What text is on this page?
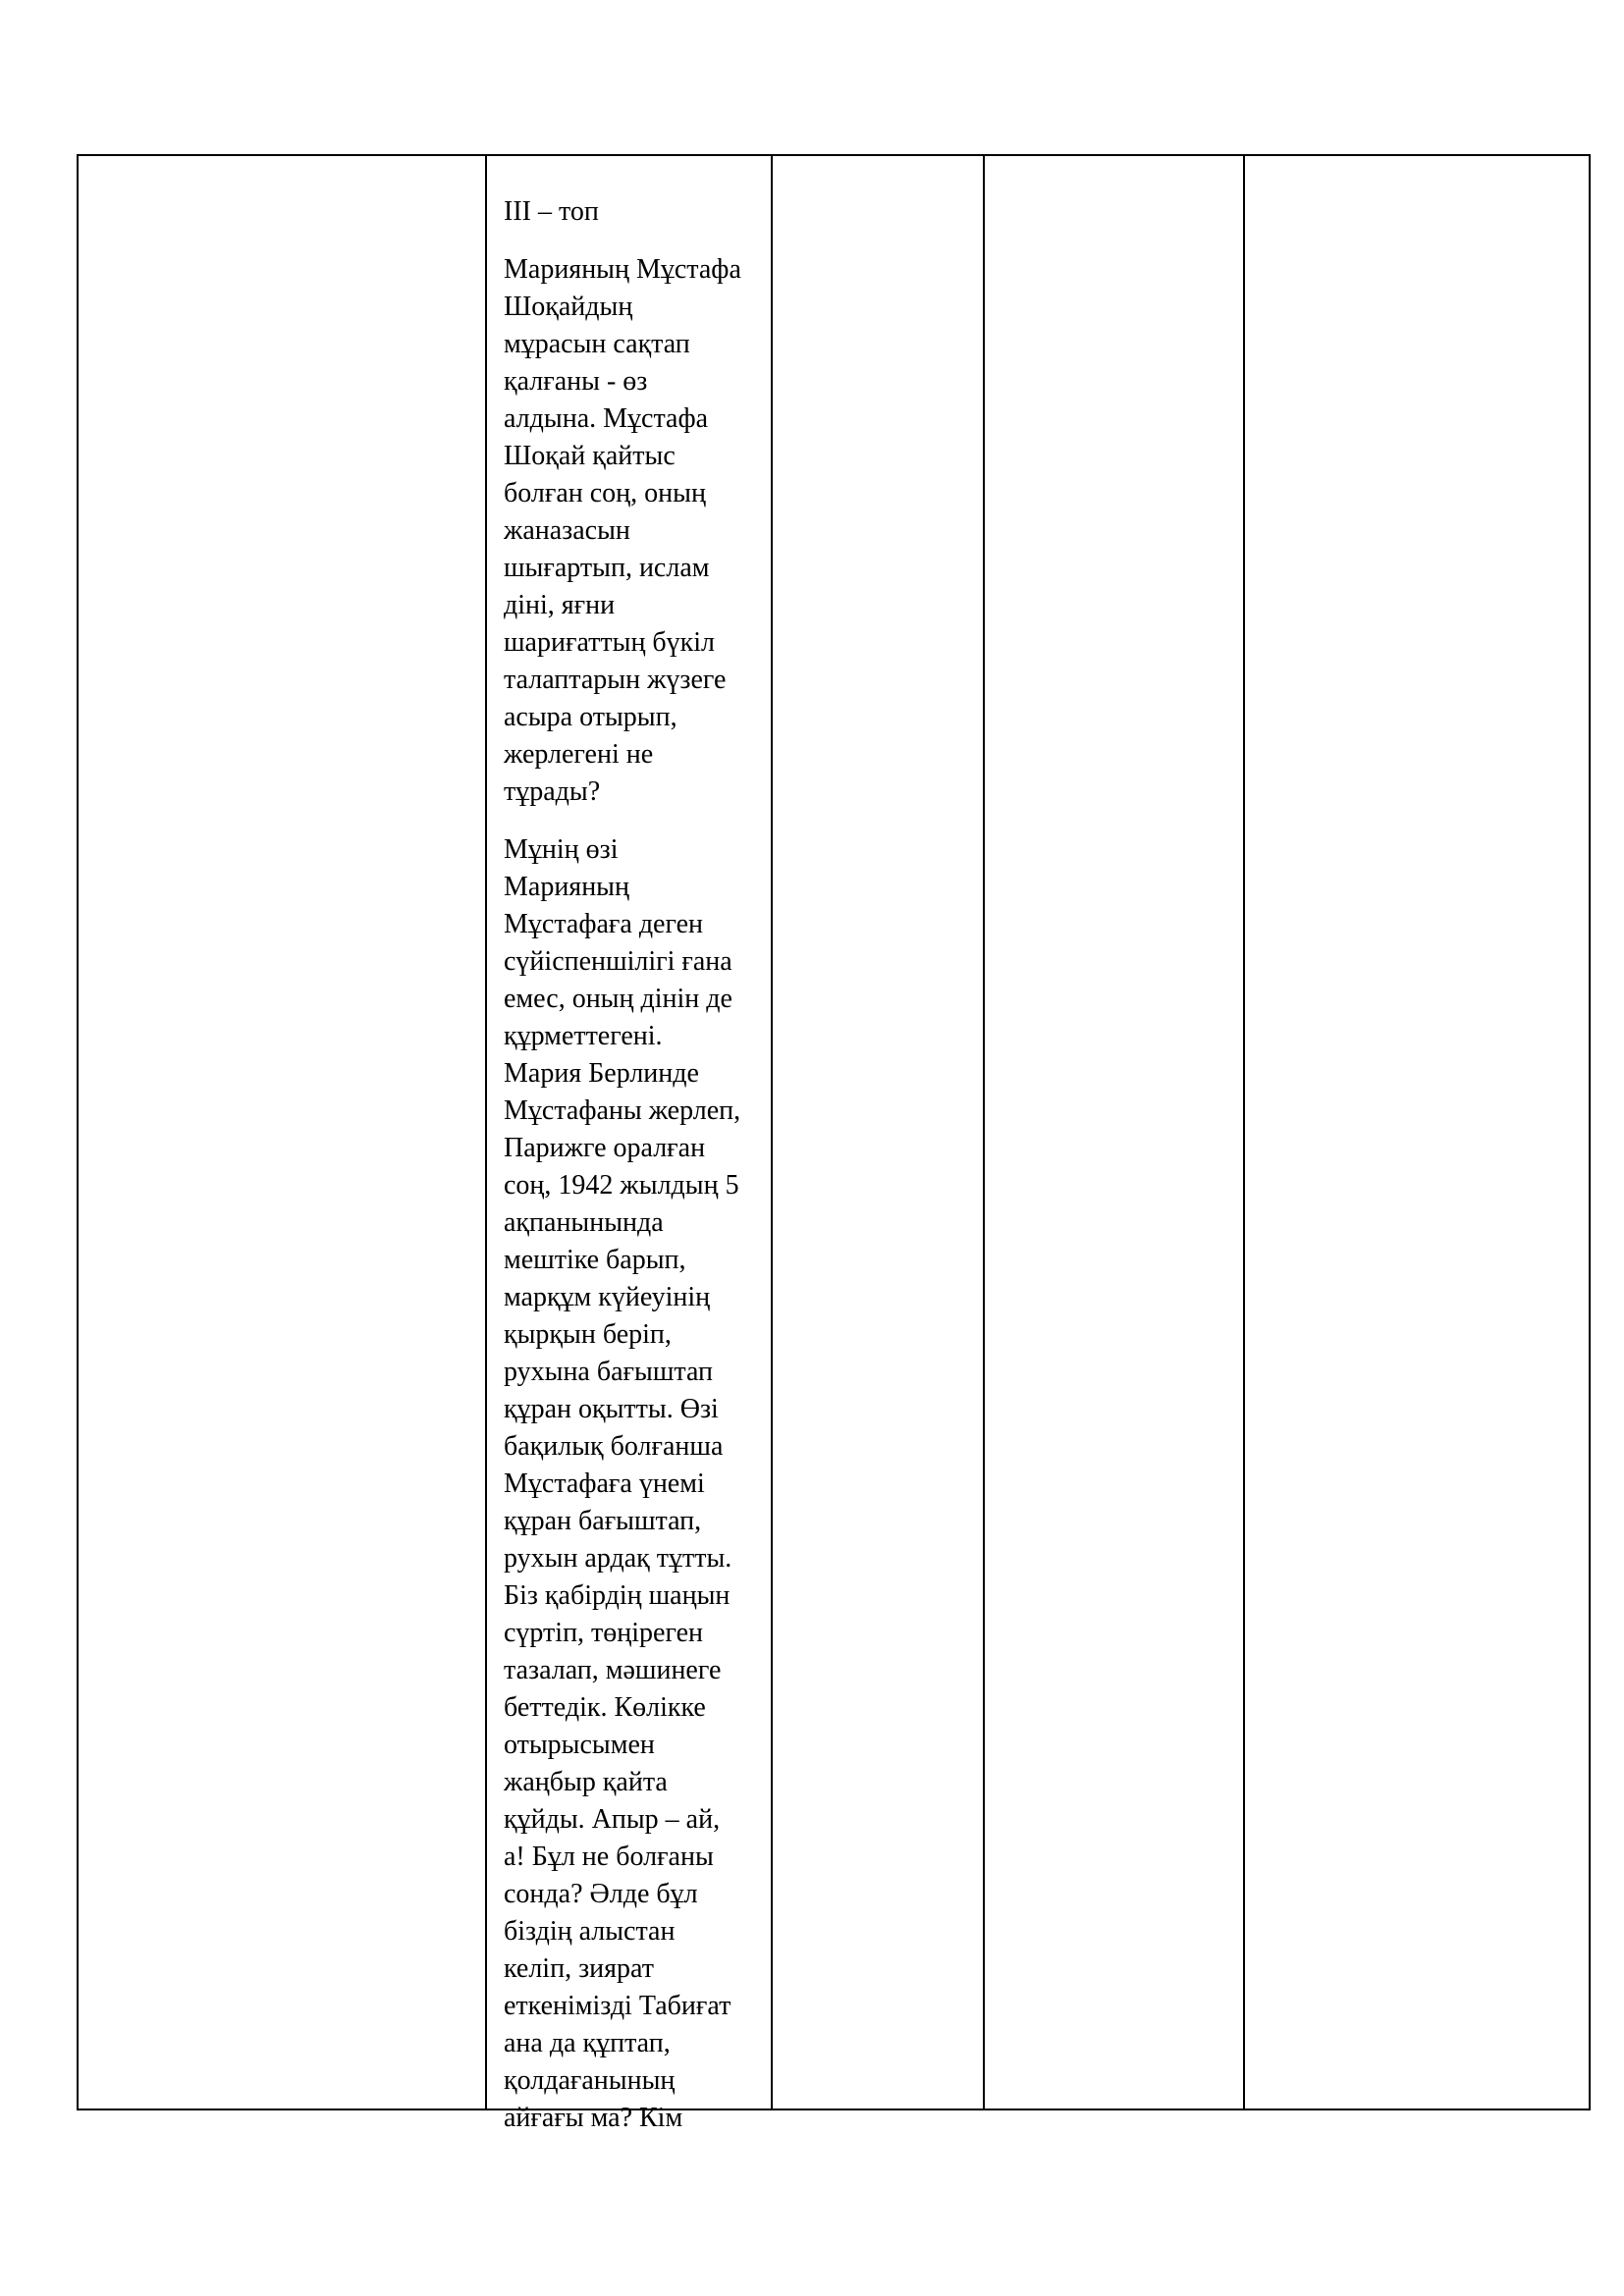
ІІІ – топ

Марияның Мұстафа
Шоқайдың
мұрасын сақтап
қалғаны - өз
алдына. Мұстафа
Шоқай қайтыс
болған соң, оның
жаназасын
шығартып, ислам
діні, яғни
шариғаттың бүкіл
талаптарын жүзеге
асыра отырып,
жерлегені не
тұрады?

Мұнің өзі
Марияның
Мұстафаға деген
сүйіспеншілігі ғана
емес, оның дінін де
құрметтегені.
Мария Берлинде
Мұстафаны жерлеп,
Парижге оралған
соң, 1942 жылдың 5
ақпанынында
мештіке барып,
марқұм күйеуінің
қырқын беріп,
рухына бағыштап
құран оқытты. Өзі
бақилық болғанша
Мұстафаға үнемі
құран бағыштап,
рухын ардақ тұтты.
Біз қабірдің шаңын
сүртіп, төңіреген
тазалап, мәшинеге
беттедік. Көлікке
отырысымен
жаңбыр қайта
құйды. Апыр – ай,
а! Бұл не болғаны
сонда? Әлде бұл
біздің алыстан
келіп, зиярат
еткенімізді Табиғат
ана да құптап,
қолдағанының
айғағы ма? Кім
